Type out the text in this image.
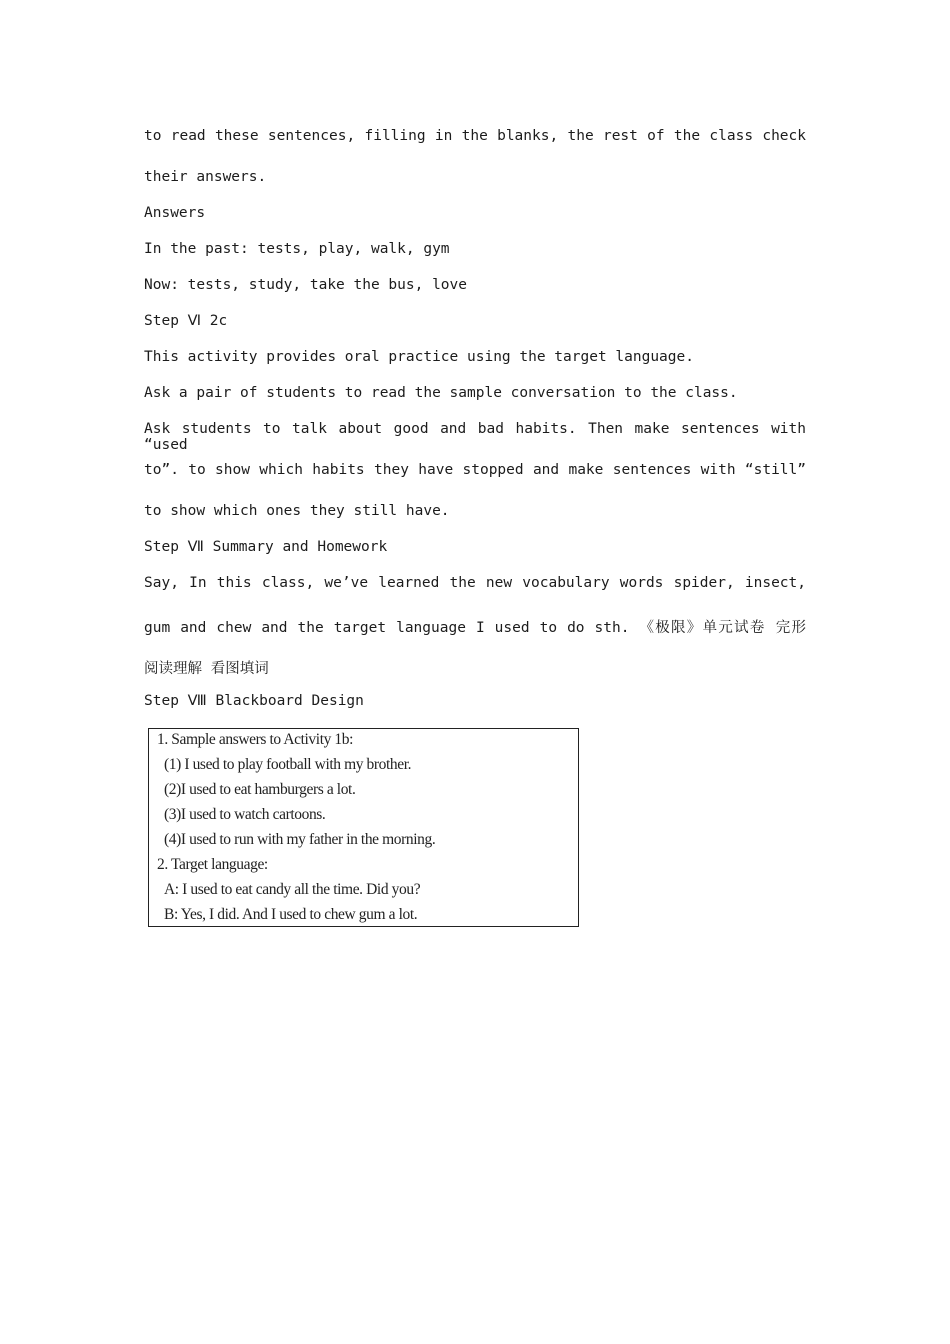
to read these sentences, filling in the blanks, the rest of the class check
their answers.
Answers
In the past: tests, play, walk, gym
Now: tests, study, take the bus, love
Step Ⅵ 2c
This activity provides oral practice using the target language.
Ask a pair of students to read the sample conversation to the class.
Ask students to talk about good and bad habits. Then make sentences with “used
to”. to show which habits they have stopped and make sentences with “still”
to show which ones they still have.
Step Ⅶ Summary and Homework
Say, In this class, we’ve learned the new vocabulary words spider, insect,
gum and chew and the target language I used to do sth. 《极限》单元试卷 完形
阅读理解 看图填词
Step Ⅷ Blackboard Design
1. Sample answers to Activity 1b:
(1) I used to play football with my brother.
(2)I used to eat hamburgers a lot.
(3)I used to watch cartoons.
(4)I used to run with my father in the morning.
2. Target language:
A: I used to eat candy all the time. Did you?
B: Yes, I did. And I used to chew gum a lot.
